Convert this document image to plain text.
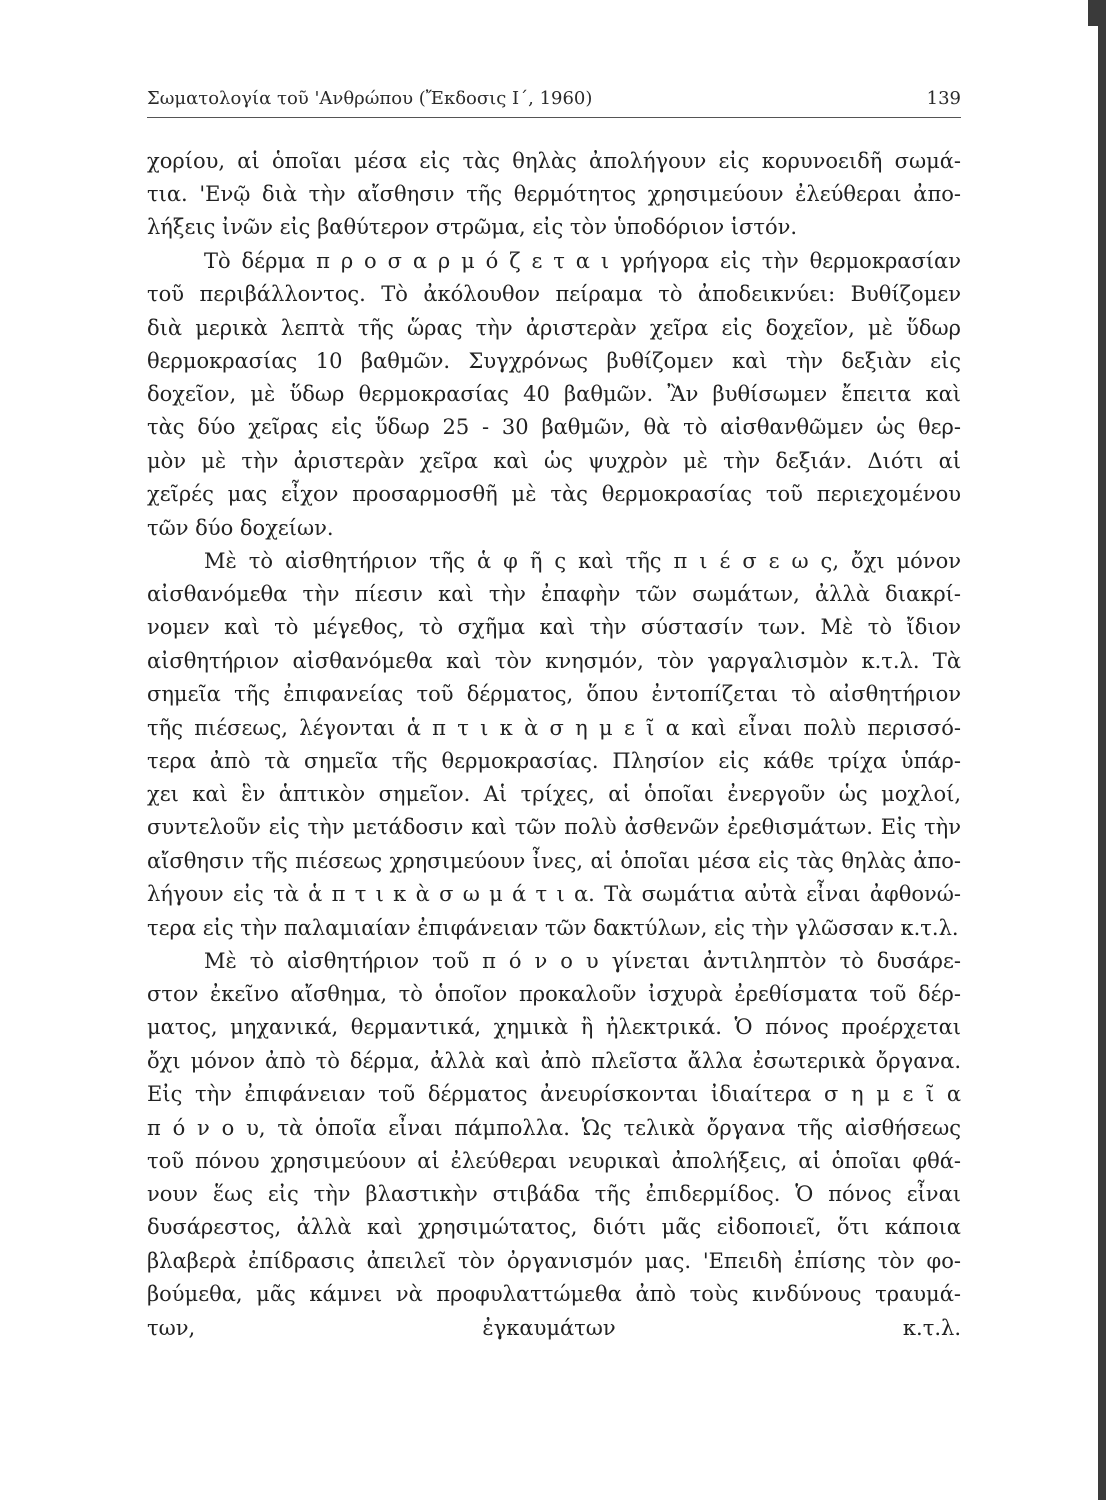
Σωματολογία τοῦ 'Ανθρώπου (Ἔκδοσις Ι΄, 1960)	139
χορίου, αἱ ὁποῖαι μέσα εἰς τὰς θηλὰς ἀπολήγουν εἰς κορυνοειδῆ σωμά-
τια. 'Ενῷ διὰ τὴν αἴσθησιν τῆς θερμότητος χρησιμεύουν ἐλεύθεραι ἀπο-
λήξεις ἰνῶν εἰς βαθύτερον στρῶμα, εἰς τὸν ὑποδόριον ἱστόν.
Τὸ δέρμα π ρ ο σ α ρ μ ό ζ ε τ α ι γρήγορα εἰς τὴν θερμοκρασίαν
τοῦ περιβάλλοντος. Τὸ ἀκόλουθον πείραμα τὸ ἀποδεικνύει: Βυθίζομεν
διὰ μερικὰ λεπτὰ τῆς ὥρας τὴν ἀριστερὰν χεῖρα εἰς δοχεῖον, μὲ ὕδωρ
θερμοκρασίας 10 βαθμῶν. Συγχρόνως βυθίζομεν καὶ τὴν δεξιὰν εἰς
δοχεῖον, μὲ ὕδωρ θερμοκρασίας 40 βαθμῶν. Ἂν βυθίσωμεν ἔπειτα καὶ
τὰς δύο χεῖρας εἰς ὕδωρ 25 - 30 βαθμῶν, θὰ τὸ αἰσθανθῶμεν ὡς θερ-
μὸν μὲ τὴν ἀριστερὰν χεῖρα καὶ ὡς ψυχρὸν μὲ τὴν δεξιάν. Διότι αἱ
χεῖρές μας εἶχον προσαρμοσθῆ μὲ τὰς θερμοκρασίας τοῦ περιεχομένου
τῶν δύο δοχείων.
Μὲ τὸ αἰσθητήριον τῆς ἁ φ ῆ ς καὶ τῆς π ι έ σ ε ω ς, ὄχι μόνον
αἰσθανόμεθα τὴν πίεσιν καὶ τὴν ἐπαφὴν τῶν σωμάτων, ἀλλὰ διακρί-
νομεν καὶ τὸ μέγεθος, τὸ σχῆμα καὶ τὴν σύστασίν των. Μὲ τὸ ἴδιον
αἰσθητήριον αἰσθανόμεθα καὶ τὸν κνησμόν, τὸν γαργαλισμὸν κ.τ.λ. Τὰ
σημεῖα τῆς ἐπιφανείας τοῦ δέρματος, ὅπου ἐντοπίζεται τὸ αἰσθητήριον
τῆς πιέσεως, λέγονται ἁ π τ ι κ ὰ σ η μ ε ῖ α καὶ εἶναι πολὺ περισσό-
τερα ἀπὸ τὰ σημεῖα τῆς θερμοκρασίας. Πλησίον εἰς κάθε τρίχα ὑπάρ-
χει καὶ ἓν ἁπτικὸν σημεῖον. Αἱ τρίχες, αἱ ὁποῖαι ἐνεργοῦν ὡς μοχλοί,
συντελοῦν εἰς τὴν μετάδοσιν καὶ τῶν πολὺ ἀσθενῶν ἐρεθισμάτων. Εἰς τὴν
αἴσθησιν τῆς πιέσεως χρησιμεύουν ἶνες, αἱ ὁποῖαι μέσα εἰς τὰς θηλὰς ἀπο-
λήγουν εἰς τὰ ἁ π τ ι κ ὰ σ ω μ ά τ ι α. Τὰ σωμάτια αὐτὰ εἶναι ἀφθονώ-
τερα εἰς τὴν παλαμιαίαν ἐπιφάνειαν τῶν δακτύλων, εἰς τὴν γλῶσσαν κ.τ.λ.
Μὲ τὸ αἰσθητήριον τοῦ π ό ν ο υ γίνεται ἀντιληπτὸν τὸ δυσάρε-
στον ἐκεῖνο αἴσθημα, τὸ ὁποῖον προκαλοῦν ἰσχυρὰ ἐρεθίσματα τοῦ δέρ-
ματος, μηχανικά, θερμαντικά, χημικὰ ἢ ἠλεκτρικά. Ὁ πόνος προέρχεται
ὄχι μόνον ἀπὸ τὸ δέρμα, ἀλλὰ καὶ ἀπὸ πλεῖστα ἄλλα ἐσωτερικὰ ὄργανα.
Εἰς τὴν ἐπιφάνειαν τοῦ δέρματος ἀνευρίσκονται ἰδιαίτερα σ η μ ε ῖ α
π ό ν ο υ, τὰ ὁποῖα εἶναι πάμπολλα. Ὡς τελικὰ ὄργανα τῆς αἰσθήσεως
τοῦ πόνου χρησιμεύουν αἱ ἐλεύθεραι νευρικαὶ ἀπολήξεις, αἱ ὁποῖαι φθά-
νουν ἕως εἰς τὴν βλαστικὴν στιβάδα τῆς ἐπιδερμίδος. Ὁ πόνος εἶναι
δυσάρεστος, ἀλλὰ καὶ χρησιμώτατος, διότι μᾶς εἰδοποιεῖ, ὅτι κάποια
βλαβερὰ ἐπίδρασις ἀπειλεῖ τὸν ὀργανισμόν μας. 'Επειδὴ ἐπίσης τὸν φο-
βούμεθα, μᾶς κάμνει νὰ προφυλαττώμεθα ἀπὸ τοὺς κινδύνους τραυμά-
των, ἐγκαυμάτων κ.τ.λ.
